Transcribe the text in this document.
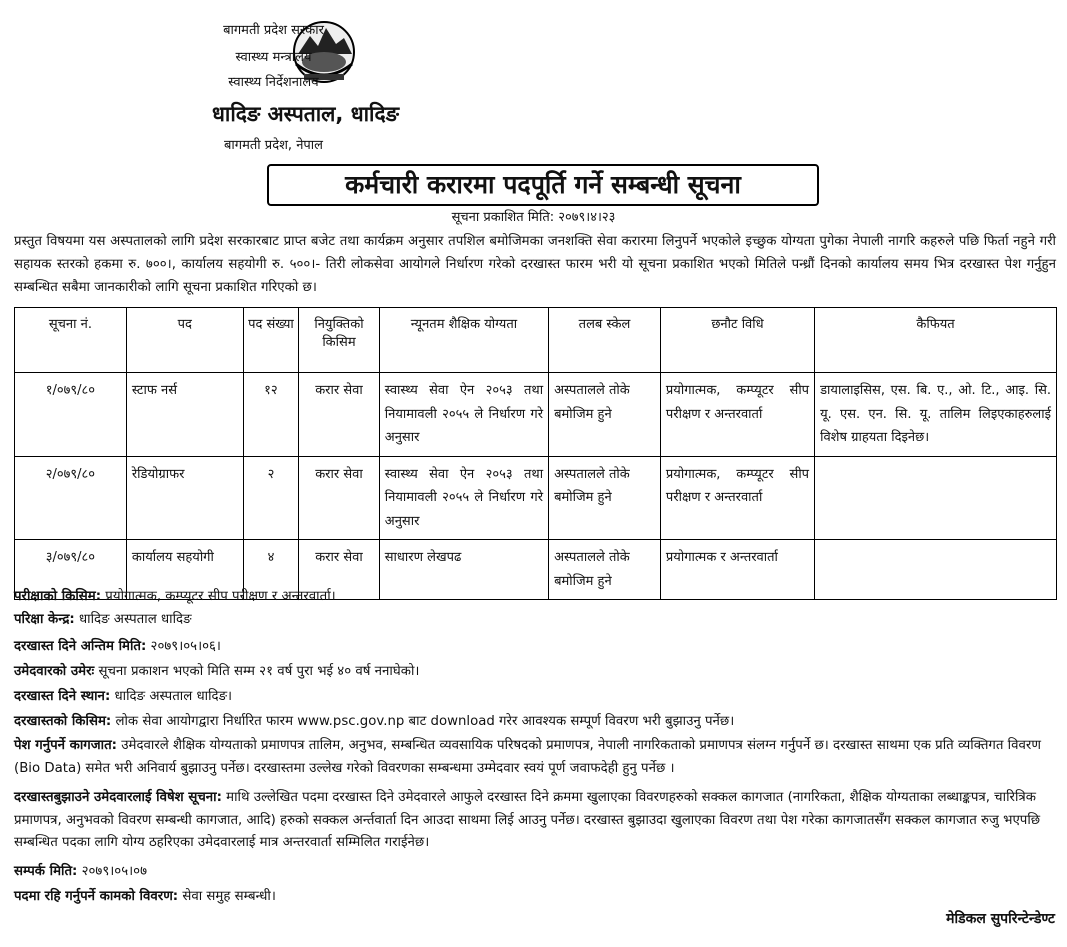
बागमती प्रदेश सरकार
स्वास्थ्य मन्त्रालय
स्वास्थ्य निर्देशनालय
धादिङ अस्पताल, धादिङ
बागमती प्रदेश, नेपाल
कर्मचारी करारमा पदपूर्ति गर्ने सम्बन्धी सूचना
सूचना प्रकाशित मिति: २०७९।४।२३
प्रस्तुत विषयमा यस अस्पतालको लागि प्रदेश सरकारबाट प्राप्त बजेट तथा कार्यक्रम अनुसार तपशिल बमोजिमका जनशक्ति सेवा करारमा लिनुपर्ने भएकोले इच्छुक योग्यता पुगेका नेपाली नागरि कहरुले पछि फिर्ता नहुने गरी सहायक स्तरको हकमा रु. ७००।, कार्यालय सहयोगी रु. ५००।- तिरी लोकसेवा आयोगले निर्धारण गरेको दरखास्त फारम भरी यो सूचना प्रकाशित भएको मितिले पन्ध्रौं दिनको कार्यालय समय भित्र दरखास्त पेश गर्नुहुन सम्बन्धित सबैमा जानकारीको लागि सूचना प्रकाशित गरिएको छ।
सूचना नं.	पद	पद संख्या	नियुक्तिको किसिम	न्यूनतम शैक्षिक योग्यता	तलब स्केल	छनौट विधि	कैफियत
१/०७९/८०	स्टाफ नर्स	१२	करार सेवा	स्वास्थ्य सेवा ऐन २०५३ तथा नियामावली २०५५ ले निर्धारण गरे अनुसार	अस्पतालले तोके बमोजिम हुने	प्रयोगात्मक, कम्प्यूटर सीप परीक्षण र अन्तरवार्ता	डायालाइसिस, एस. बि. ए., ओ. टि., आइ. सि. यू. एस. एन. सि. यू. तालिम लिइएकाहरुलाई विशेष ग्राहयता दिइनेछ।
२/०७९/८०	रेडियोग्राफर	२	करार सेवा	स्वास्थ्य सेवा ऐन २०५३ तथा नियामावली २०५५ ले निर्धारण गरे अनुसार	अस्पतालले तोके बमोजिम हुने	प्रयोगात्मक, कम्प्यूटर सीप परीक्षण र अन्तरवार्ता	
३/०७९/८०	कार्यालय सहयोगी	४	करार सेवा	साधारण लेखपढ	अस्पतालले तोके बमोजिम हुने	प्रयोगात्मक र अन्तरवार्ता	
परीक्षाको किसिम: प्रयोगात्मक, कम्प्यूटर सीप परीक्षण र अन्तरवार्ता।
परिक्षा केन्द्र: धादिङ अस्पताल धादिङ
दरखास्त दिने अन्तिम मिति: २०७९।०५।०६।
उमेदवारको उमेरः सूचना प्रकाशन भएको मिति सम्म २१ वर्ष पुरा भई ४० वर्ष ननाघेको।
दरखास्त दिने स्थान: धादिङ अस्पताल धादिङ।
दरखास्तको किसिम: लोक सेवा आयोगद्वारा निर्धारित फारम www.psc.gov.np बाट download गरेर आवश्यक सम्पूर्ण विवरण भरी बुझाउनु पर्नेछ।
पेश गर्नुपर्ने कागजात: उमेदवारले शैक्षिक योग्यताको प्रमाणपत्र तालिम, अनुभव, सम्बन्धित व्यवसायिक परिषदको प्रमाणपत्र, नेपाली नागरिकताको प्रमाणपत्र संलग्न गर्नुपर्ने छ। दरखास्त साथमा एक प्रति व्यक्तिगत विवरण (Bio Data) समेत भरी अनिवार्य बुझाउनु पर्नेछ। दरखास्तमा उल्लेख गरेको विवरणका सम्बन्धमा उम्मेदवार स्वयं पूर्ण जवाफदेही हुनु पर्नेछ ।
दरखास्तबुझाउने उमेदवारलाई विषेश सूचना: माथि उल्लेखित पदमा दरखास्त दिने उमेदवारले आफुले दरखास्त दिने क्रममा खुलाएका विवरणहरुको सक्कल कागजात (नागरिकता, शैक्षिक योग्यताका लब्धाङ्कपत्र, चारित्रिक प्रमाणपत्र, अनुभवको विवरण सम्बन्धी कागजात, आदि) हरुको सक्कल अर्न्तवार्ता दिन आउदा साथमा लिई आउनु पर्नेछ। दरखास्त बुझाउदा खुलाएका विवरण तथा पेश गरेका कागजातसँग सक्कल कागजात रुजु भएपछि सम्बन्धित पदका लागि योग्य ठहरिएका उमेदवारलाई मात्र अन्तरवार्ता सम्मिलित गराईनेछ।
सम्पर्क मिति: २०७९।०५।०७
पदमा रहि गर्नुपर्ने कामको विवरण: सेवा समुह सम्बन्धी।
मेडिकल सुपरिन्टेन्डेण्ट
